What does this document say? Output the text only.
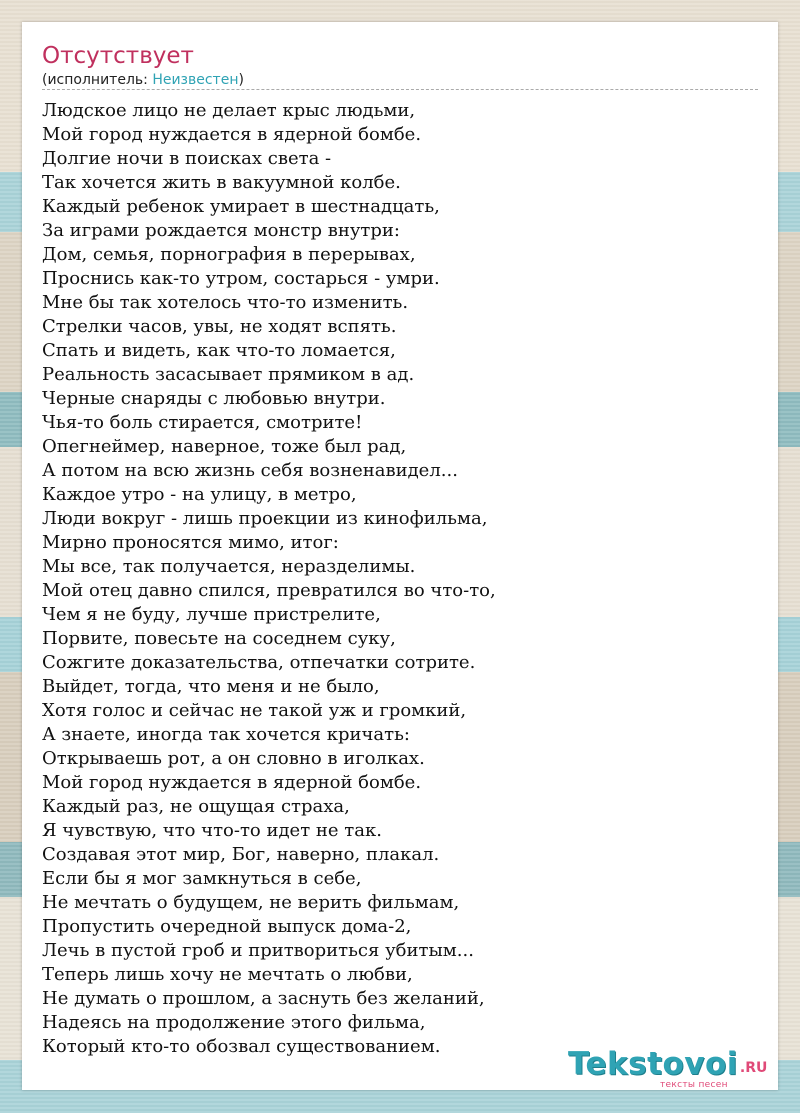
Отсутствует
(исполнитель: Неизвестен)
Людское лицо не делает крыс людьми,
Мой город нуждается в ядерной бомбе.
Долгие ночи в поисках света -
Так хочется жить в вакуумной колбе.
Каждый ребенок умирает в шестнадцать,
За играми рождается монстр внутри:
Дом, семья, порнография в перерывах,
Проснись как-то утром, состарься - умри.
Мне бы так хотелось что-то изменить.
Стрелки часов, увы, не ходят вспять.
Спать и видеть, как что-то ломается,
Реальность засасывает прямиком в ад.
Черные снаряды с любовью внутри.
Чья-то боль стирается, смотрите!
Опегнеймер, наверное, тоже был рад,
А потом на всю жизнь себя возненавидел...
Каждое утро - на улицу, в метро,
Люди вокруг - лишь проекции из кинофильма,
Мирно проносятся мимо, итог:
Мы все, так получается, неразделимы.
Мой отец давно спился, превратился во что-то,
Чем я не буду, лучше пристрелите,
Порвите, повесьте на соседнем суку,
Сожгите доказательства, отпечатки сотрите.
Выйдет, тогда, что меня и не было,
Хотя голос и сейчас не такой уж и громкий,
А знаете, иногда так хочется кричать:
Открываешь рот, а он словно в иголках.
Мой город нуждается в ядерной бомбе.
Каждый раз, не ощущая страха,
Я чувствую, что что-то идет не так.
Создавая этот мир, Бог, наверно, плакал.
Если бы я мог замкнуться в себе,
Не мечтать о будущем, не верить фильмам,
Пропустить очередной выпуск дома-2,
Лечь в пустой гроб и притвориться убитым...
Теперь лишь хочу не мечтать о любви,
Не думать о прошлом, а заснуть без желаний,
Надеясь на продолжение этого фильма,
Который кто-то обозвал существованием.	Tekstovoi .RU
тексты песен
